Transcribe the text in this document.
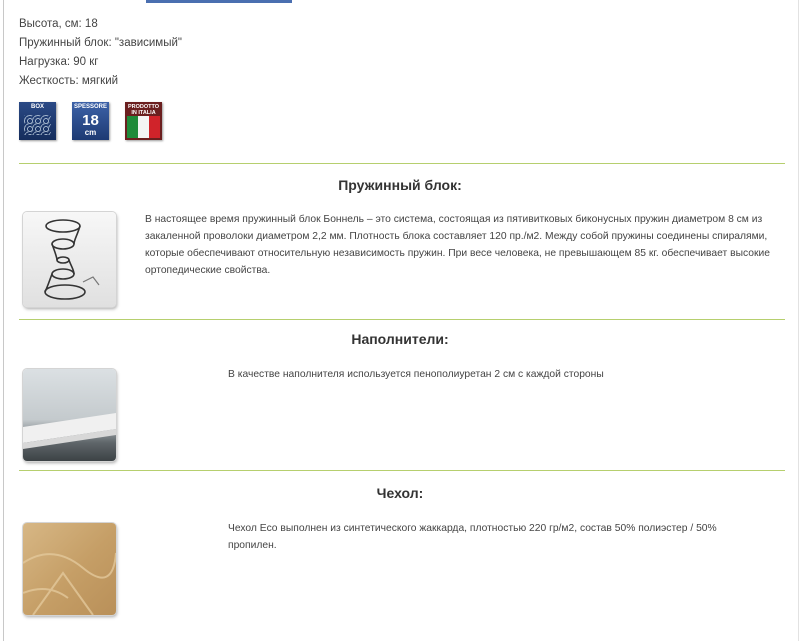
Высота, см: 18
Пружинный блок: "зависимый"
Нагрузка: 90 кг
Жесткость: мягкий
BOX	SPESSORE
18
cm
PRODOTTO IN ITALIA
Пружинный блок:
В настоящее время пружинный блок Боннель – это система, состоящая из пятивитковых биконусных пружин диаметром 8 см из закаленной проволоки диаметром 2,2 мм. Плотность блока составляет 120 пр./м2. Между собой пружины соединены спиралями, которые обеспечивают относительную независимость пружин. При весе человека, не превышающем 85 кг. обеспечивает высокие ортопедические свойства.
Наполнители:
В качестве наполнителя используется пенополиуретан 2 см с каждой стороны
Чехол:
Чехол Eco выполнен из синтетического жаккарда, плотностью 220 гр/м2, состав 50% полиэстер / 50% пропилен.
